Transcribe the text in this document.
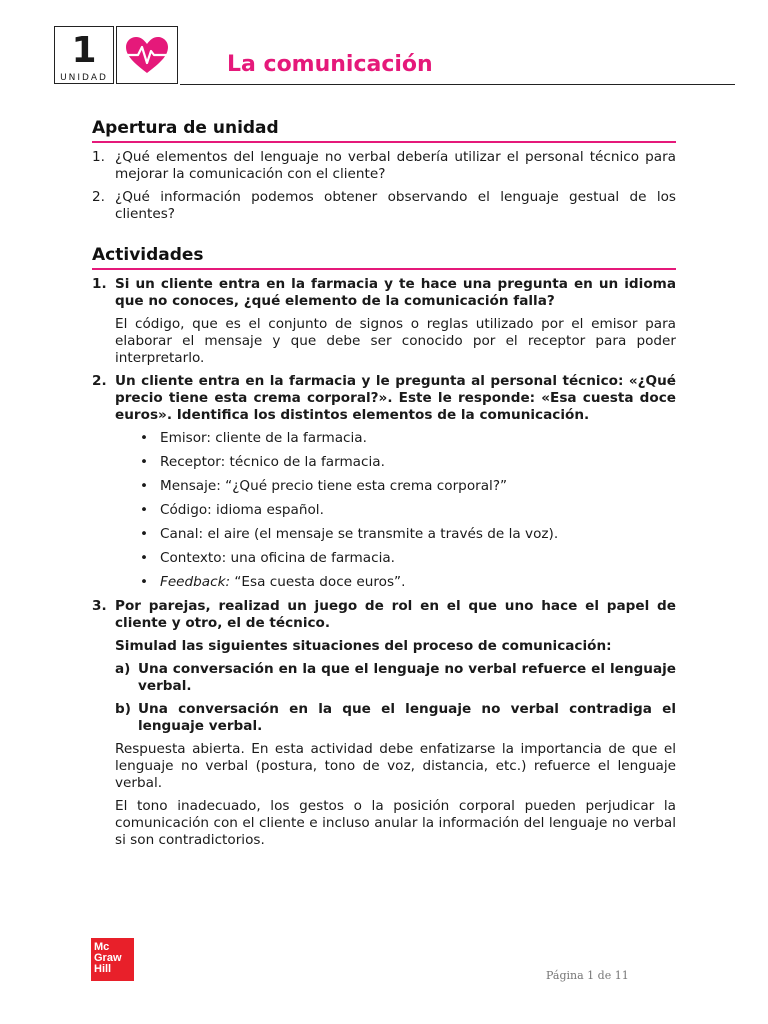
1
UNIDAD
La comunicación
Apertura de unidad
1. ¿Qué elementos del lenguaje no verbal debería utilizar el personal técnico para mejorar la comunicación con el cliente?
2. ¿Qué información podemos obtener observando el lenguaje gestual de los clientes?
Actividades
1. Si un cliente entra en la farmacia y te hace una pregunta en un idioma que no conoces, ¿qué elemento de la comunicación falla?

El código, que es el conjunto de signos o reglas utilizado por el emisor para elaborar el mensaje y que debe ser conocido por el receptor para poder interpretarlo.

2. Un cliente entra en la farmacia y le pregunta al personal técnico: «¿Qué precio tiene esta crema corporal?». Este le responde: «Esa cuesta doce euros». Identifica los distintos elementos de la comunicación.
• Emisor: cliente de la farmacia.
• Receptor: técnico de la farmacia.
• Mensaje: “¿Qué precio tiene esta crema corporal?”
• Código: idioma español.
• Canal: el aire (el mensaje se transmite a través de la voz).
• Contexto: una oficina de farmacia.
• Feedback: “Esa cuesta doce euros”.
3. Por parejas, realizad un juego de rol en el que uno hace el papel de cliente y otro, el de técnico.

Simulad las siguientes situaciones del proceso de comunicación:

a) Una conversación en la que el lenguaje no verbal refuerce el lenguaje verbal.
b) Una conversación en la que el lenguaje no verbal contradiga el lenguaje verbal.

Respuesta abierta. En esta actividad debe enfatizarse la importancia de que el lenguaje no verbal (postura, tono de voz, distancia, etc.) refuerce el lenguaje verbal.

El tono inadecuado, los gestos o la posición corporal pueden perjudicar la comunicación con el cliente e incluso anular la información del lenguaje no verbal si son contradictorios.

Mc
Graw
Hill	Página 1 de 11
